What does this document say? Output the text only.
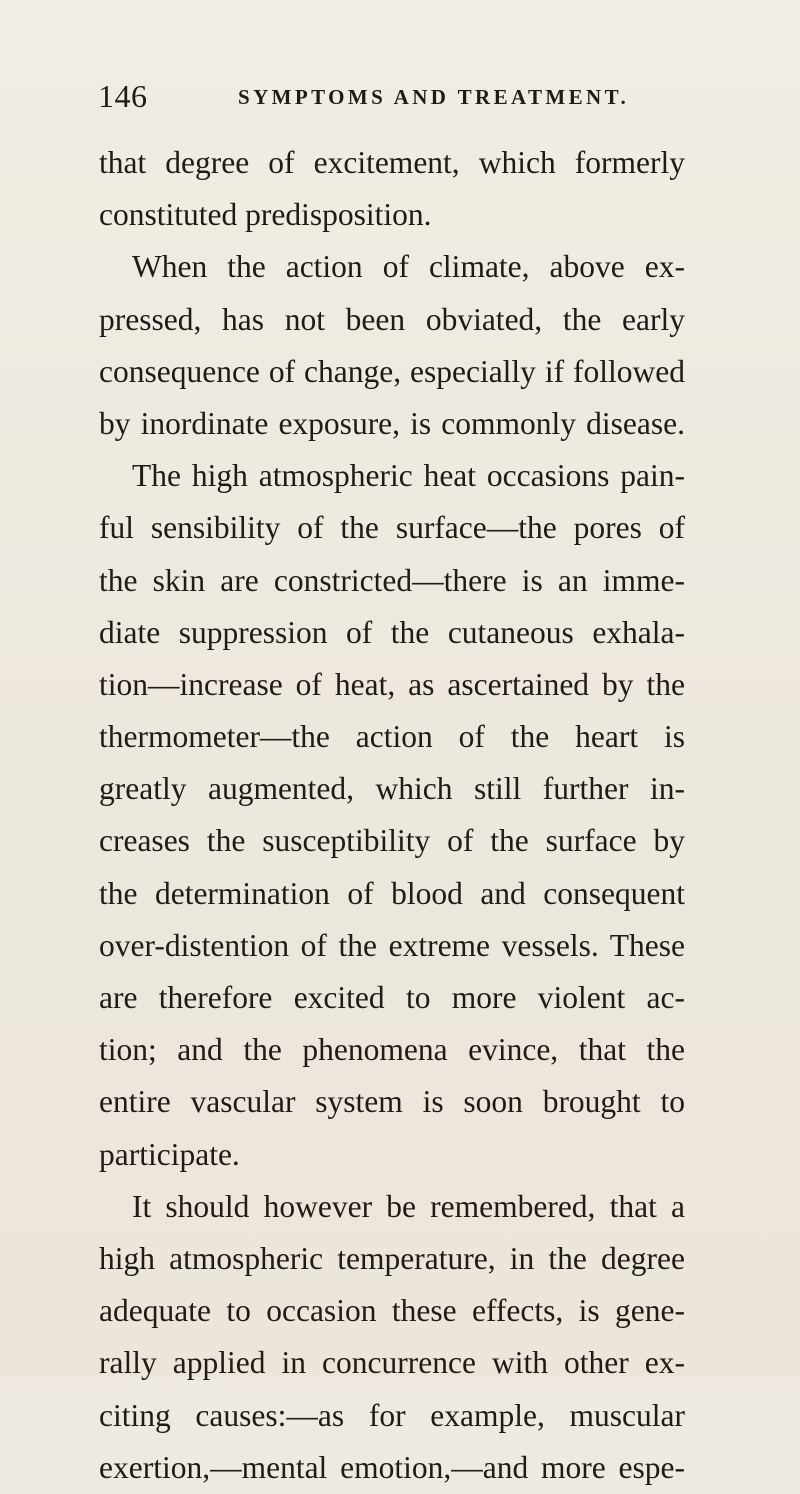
146	SYMPTOMS AND TREATMENT.
that degree of excitement, which formerly
constituted predisposition.
When the action of climate, above ex-
pressed, has not been obviated, the early
consequence of change, especially if followed
by inordinate exposure, is commonly disease.
The high atmospheric heat occasions pain-
ful sensibility of the surface—the pores of
the skin are constricted—there is an imme-
diate suppression of the cutaneous exhala-
tion—increase of heat, as ascertained by the
thermometer—the action of the heart is
greatly augmented, which still further in-
creases the susceptibility of the surface by
the determination of blood and consequent
over-distention of the extreme vessels. These
are therefore excited to more violent ac-
tion; and the phenomena evince, that the
entire vascular system is soon brought to
participate.
It should however be remembered, that a
high atmospheric temperature, in the degree
adequate to occasion these effects, is gene-
rally applied in concurrence with other ex-
citing causes:—as for example, muscular
exertion,—mental emotion,—and more espe-
